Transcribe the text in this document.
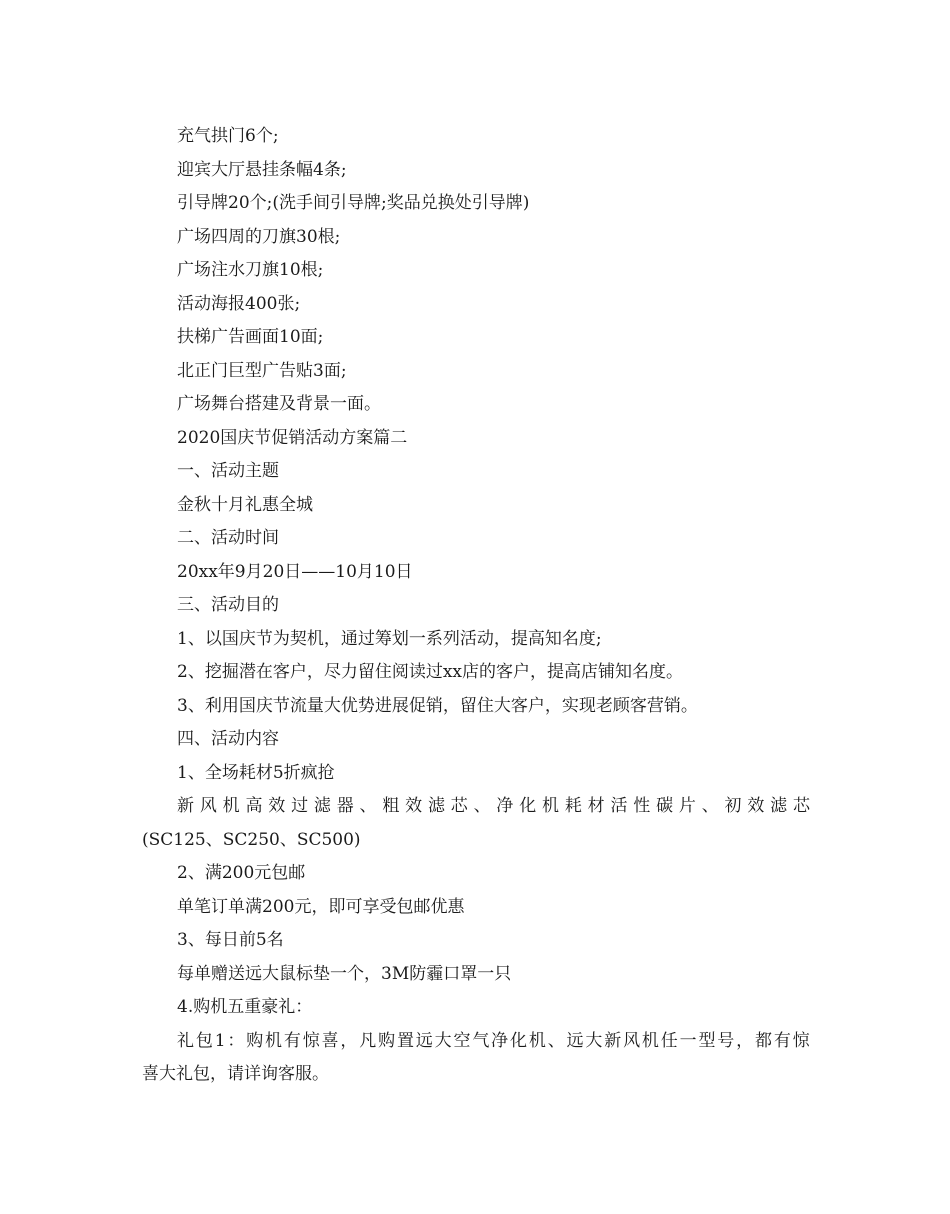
充气拱门6个;
迎宾大厅悬挂条幅4条;
引导牌20个;(洗手间引导牌;奖品兑换处引导牌)
广场四周的刀旗30根;
广场注水刀旗10根;
活动海报400张;
扶梯广告画面10面;
北正门巨型广告贴3面;
广场舞台搭建及背景一面。
2020国庆节促销活动方案篇二
一、活动主题
金秋十月礼惠全城
二、活动时间
20xx年9月20日——10月10日
三、活动目的
1、以国庆节为契机，通过筹划一系列活动，提高知名度;
2、挖掘潜在客户，尽力留住阅读过xx店的客户，提高店铺知名度。
3、利用国庆节流量大优势进展促销，留住大客户，实现老顾客营销。
四、活动内容
1、全场耗材5折疯抢
新 风 机 高 效 过 滤 器 、 粗 效 滤 芯 、 净 化 机 耗 材 活 性 碳 片 、 初 效 滤 芯
(SC125、SC250、SC500)
2、满200元包邮
单笔订单满200元，即可享受包邮优惠
3、每日前5名
每单赠送远大鼠标垫一个，3M防霾口罩一只
4.购机五重豪礼：
礼 包 1 ： 购 机 有 惊 喜 ， 凡 购 置 远 大 空 气 净 化 机 、 远 大 新 风 机 任 一 型 号 ， 都 有 惊
喜大礼包，请详询客服。
